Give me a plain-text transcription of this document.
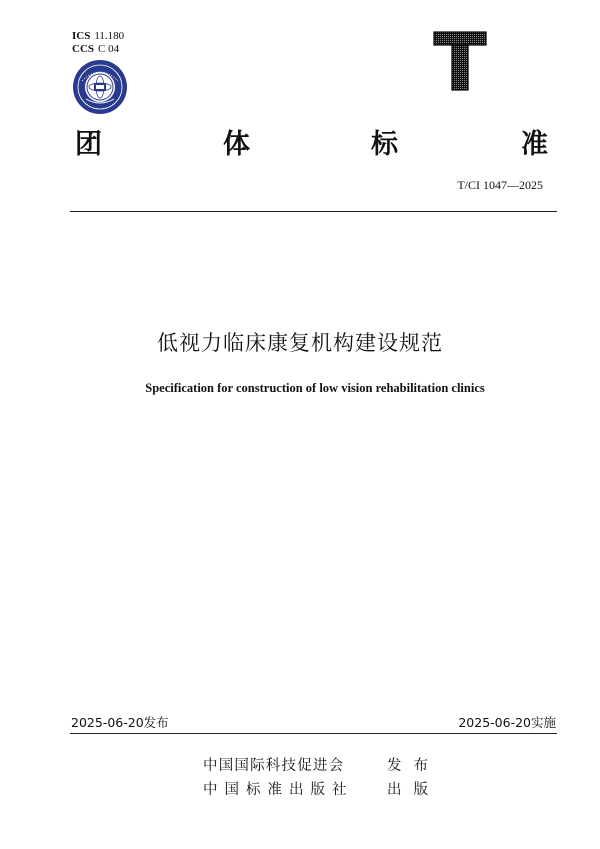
ICS 11.180
CCS C 04
团	体	标	准
T/CI 1047—2025
低视力临床康复机构建设规范
Specification for construction of low vision rehabilitation clinics
2025-06-20发布	2025-06-20实施
中国国际科技促进会	发布
中国标准出版社 出版
